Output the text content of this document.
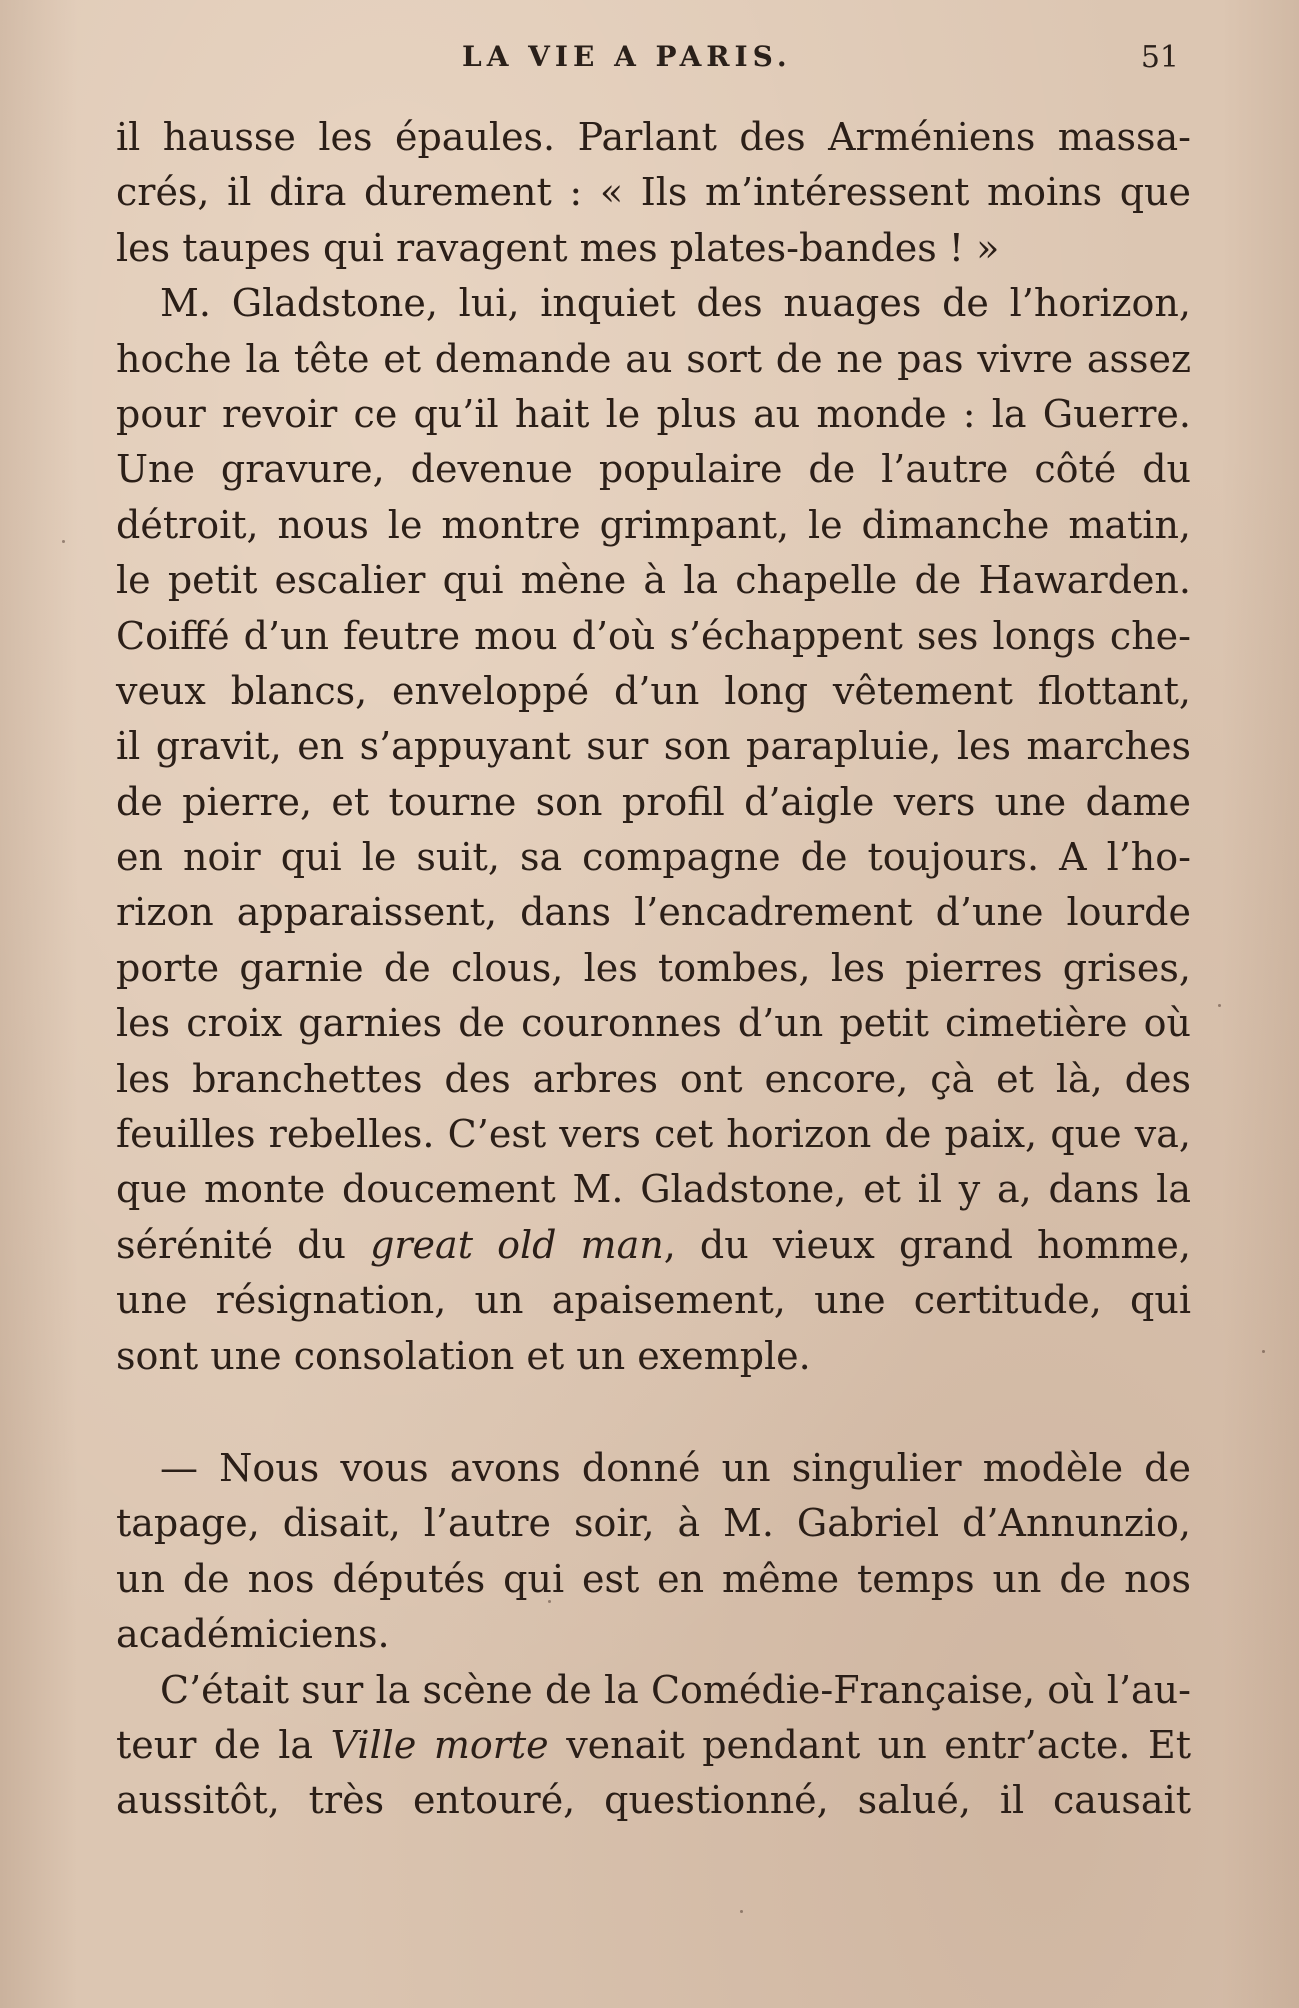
LA VIE A PARIS.	51
il hausse les épaules. Parlant des Arméniens massa-
crés, il dira durement : « Ils m’intéressent moins que
les taupes qui ravagent mes plates-bandes ! »
M. Gladstone, lui, inquiet des nuages de l’horizon,
hoche la tête et demande au sort de ne pas vivre assez
pour revoir ce qu’il hait le plus au monde : la Guerre.
Une gravure, devenue populaire de l’autre côté du
détroit, nous le montre grimpant, le dimanche matin,
le petit escalier qui mène à la chapelle de Hawarden.
Coiffé d’un feutre mou d’où s’échappent ses longs che-
veux blancs, enveloppé d’un long vêtement flottant,
il gravit, en s’appuyant sur son parapluie, les marches
de pierre, et tourne son profil d’aigle vers une dame
en noir qui le suit, sa compagne de toujours. A l’ho-
rizon apparaissent, dans l’encadrement d’une lourde
porte garnie de clous, les tombes, les pierres grises,
les croix garnies de couronnes d’un petit cimetière où
les branchettes des arbres ont encore, çà et là, des
feuilles rebelles. C’est vers cet horizon de paix, que va,
que monte doucement M. Gladstone, et il y a, dans la
sérénité du great old man, du vieux grand homme,
une résignation, un apaisement, une certitude, qui
sont une consolation et un exemple.
— Nous vous avons donné un singulier modèle de
tapage, disait, l’autre soir, à M. Gabriel d’Annunzio,
un de nos députés qui est en même temps un de nos
académiciens.
C’était sur la scène de la Comédie-Française, où l’au-
teur de la Ville morte venait pendant un entr’acte. Et
aussitôt, très entouré, questionné, salué, il causait
